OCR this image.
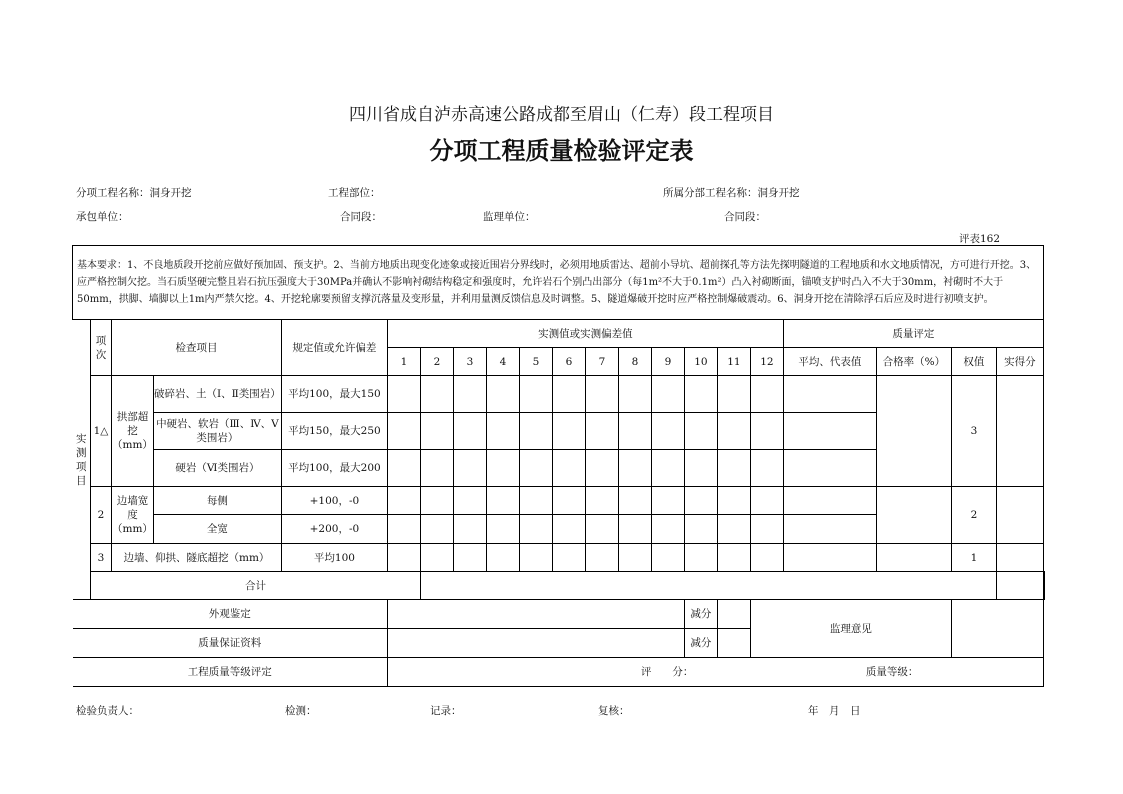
四川省成自泸赤高速公路成都至眉山（仁寿）段工程项目
分项工程质量检验评定表
分项工程名称：洞身开挖	工程部位：	所属分部工程名称：洞身开挖
承包单位：	合同段：	监理单位：	合同段：
评表162
基本要求：1、不良地质段开挖前应做好预加固、预支护。2、当前方地质出现变化迹象或接近围岩分界线时，必须用地质雷达、超前小导坑、超前探孔等方法先探明隧道的工程地质和水文地质情况，方可进行开挖。3、应严格控制欠挖。当石质坚硬完整且岩石抗压强度大于30MPa并确认不影响衬砌结构稳定和强度时，允许岩石个别凸出部分（每1m²不大于0.1m²）凸入衬砌断面，锚喷支护时凸入不大于30mm，衬砌时不大于50mm，拱脚、墙脚以上1m内严禁欠挖。4、开挖轮廓要预留支撑沉落量及变形量，并利用量测反馈信息及时调整。5、隧道爆破开挖时应严格控制爆破震动。6、洞身开挖在清除浮石后应及时进行初喷支护。																					
实测项目	项次	检查项目		规定值或允许偏差	实测值或实测偏差值												质量评定				
					1	2	3	4	5	6	7	8	9	10	11	12	平均、代表值	合格率（%）	权值	实得分	
	1△	拱部超挖（mm）	破碎岩、土（Ⅰ、Ⅱ类围岩）	平均100，最大150															3		
			中硬岩、软岩（Ⅲ、Ⅳ、Ⅴ类围岩）	平均150，最大250																	
			硬岩（Ⅵ类围岩）	平均100，最大200																	
	2	边墙宽度（mm）	每侧	+100，-0															2		
			全宽	+200，-0																	
	3	边墙、仰拱、隧底超挖（mm）		平均100															1		
	合计																				
外观鉴定														减分		监理意见					
质量保证资料														减分							
工程质量等级评定					评　　分： 质量等级：																
检验负责人：	检测：	记录：	复核：	年　月　日
